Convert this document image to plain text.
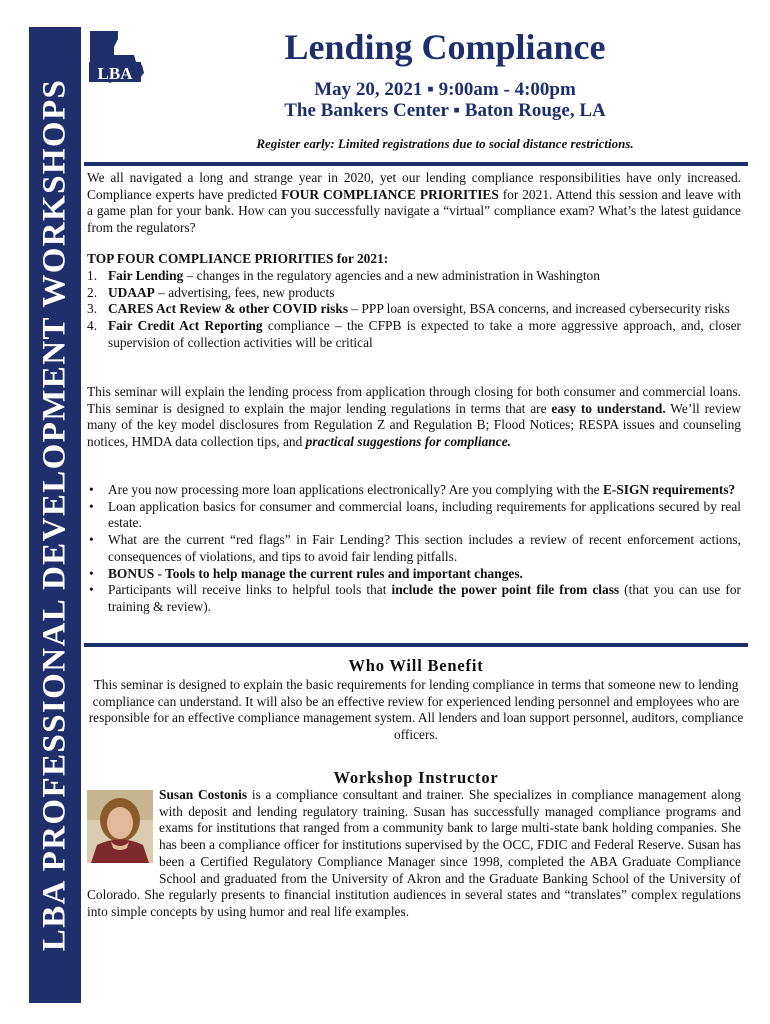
LBA PROFESSIONAL DEVELOPMENT WORKSHOPS
LBA
Lending Compliance
May 20, 2021 ▪ 9:00am - 4:00pm
The Bankers Center ▪ Baton Rouge, LA
Register early: Limited registrations due to social distance restrictions.

We all navigated a long and strange year in 2020, yet our lending compliance responsibilities have only increased. Compliance experts have predicted FOUR COMPLIANCE PRIORITIES for 2021. Attend this session and leave with a game plan for your bank. How can you successfully navigate a “virtual” compliance exam? What’s the latest guidance from the regulators?

TOP FOUR COMPLIANCE PRIORITIES for 2021:
1. Fair Lending – changes in the regulatory agencies and a new administration in Washington
2. UDAAP – advertising, fees, new products
3. CARES Act Review & other COVID risks – PPP loan oversight, BSA concerns, and increased cybersecurity risks
4. Fair Credit Act Reporting compliance – the CFPB is expected to take a more aggressive approach, and, closer supervision of collection activities will be critical

This seminar will explain the lending process from application through closing for both consumer and commercial loans. This seminar is designed to explain the major lending regulations in terms that are easy to understand. We’ll review many of the key model disclosures from Regulation Z and Regulation B; Flood Notices; RESPA issues and counseling notices, HMDA data collection tips, and practical suggestions for compliance.

• Are you now processing more loan applications electronically? Are you complying with the E-SIGN requirements?
• Loan application basics for consumer and commercial loans, including requirements for applications secured by real estate.
• What are the current “red flags” in Fair Lending? This section includes a review of recent enforcement actions, consequences of violations, and tips to avoid fair lending pitfalls.
• BONUS - Tools to help manage the current rules and important changes.
• Participants will receive links to helpful tools that include the power point file from class (that you can use for training & review).
Who Will Benefit

This seminar is designed to explain the basic requirements for lending compliance in terms that someone new to lending compliance can understand. It will also be an effective review for experienced lending personnel and employees who are responsible for an effective compliance management system. All lenders and loan support personnel, auditors, compliance officers.

Workshop Instructor

Susan Costonis is a compliance consultant and trainer. She specializes in compliance management along with deposit and lending regulatory training. Susan has successfully managed compliance programs and exams for institutions that ranged from a community bank to large multi-state bank holding companies. She has been a compliance officer for institutions supervised by the OCC, FDIC and Federal Reserve. Susan has been a Certified Regulatory Compliance Manager since 1998, completed the ABA Graduate Compliance School and graduated from the University of Akron and the Graduate Banking School of the University of Colorado. She regularly presents to financial institution audiences in several states and “translates” complex regulations into simple concepts by using humor and real life examples.
